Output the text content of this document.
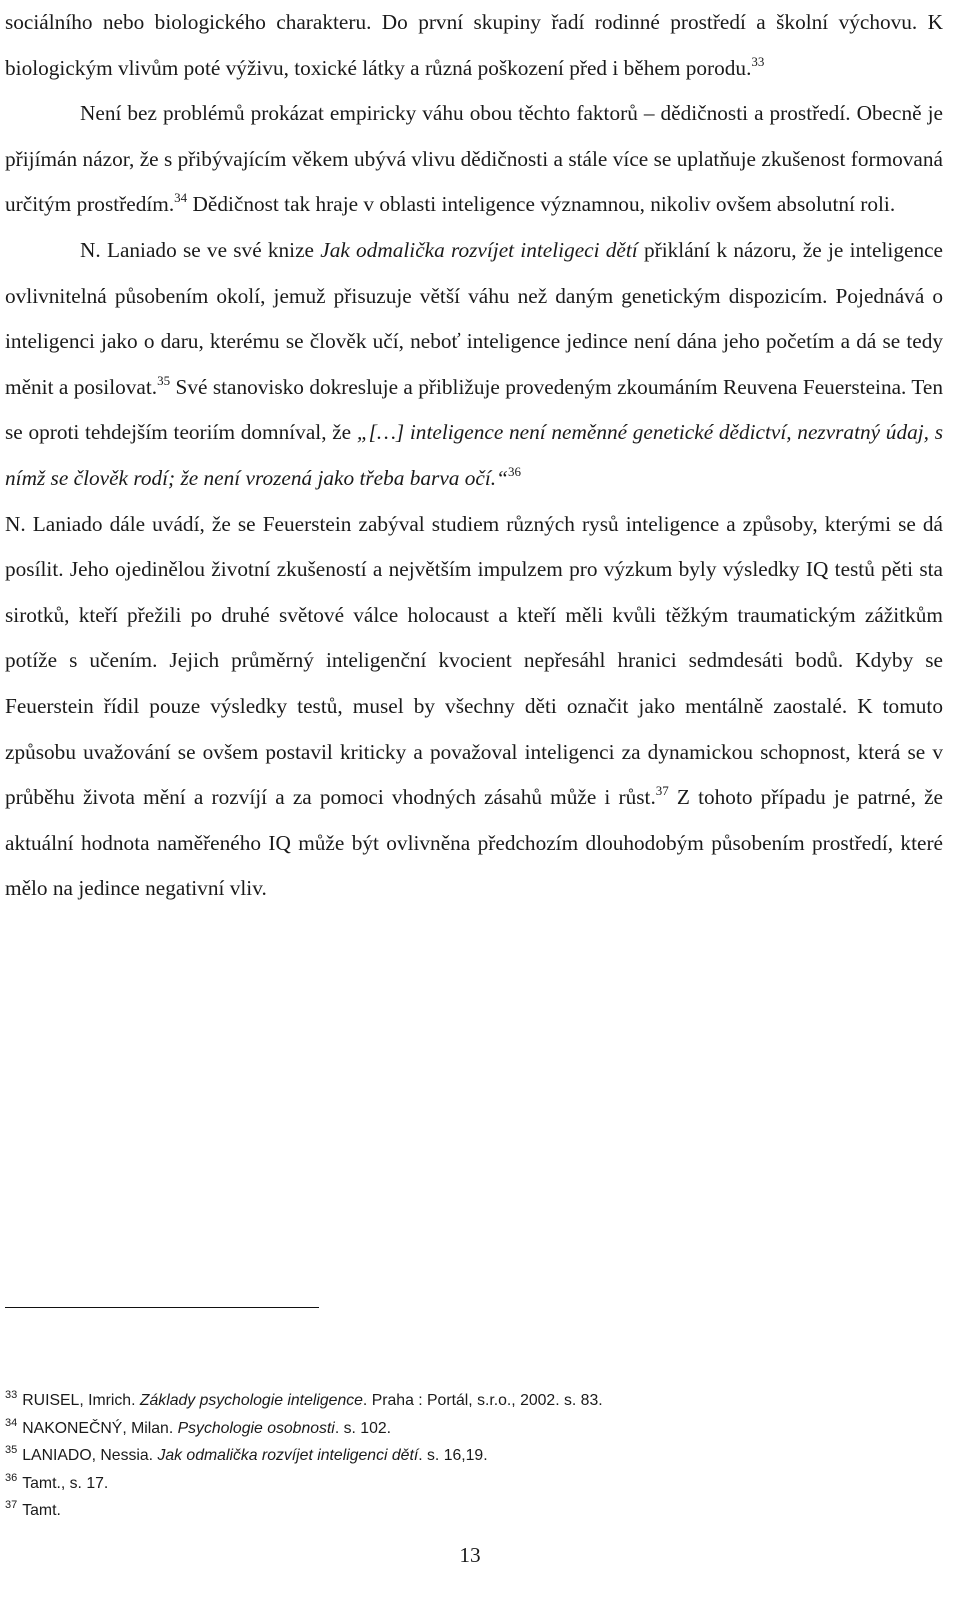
sociálního nebo biologického charakteru. Do první skupiny řadí rodinné prostředí a školní výchovu. K biologickým vlivům poté výživu, toxické látky a různá poškození před i během porodu.$^{33}$

Není bez problémů prokázat empiricky váhu obou těchto faktorů – dědičnosti a prostředí. Obecně je přijímán názor, že s přibývajícím věkem ubývá vlivu dědičnosti a stále více se uplatňuje zkušenost formovaná určitým prostředím.$^{34}$ Dědičnost tak hraje v oblasti inteligence významnou, nikoliv ovšem absolutní roli.

N. Laniado se ve své knize Jak odmalička rozvíjet inteligeci dětí přiklání k názoru, že je inteligence ovlivnitelná působením okolí, jemuž přisuzuje větší váhu než daným genetickým dispozicím. Pojednává o inteligenci jako o daru, kterému se člověk učí, neboť inteligence jedince není dána jeho početím a dá se tedy měnit a posilovat.$^{35}$ Své stanovisko dokresluje a přibližuje provedeným zkoumáním Reuvena Feuersteina. Ten se oproti tehdejším teoriím domníval, že „[…] inteligence není neměnné genetické dědictví, nezvratný údaj, s nímž se člověk rodí; že není vrozená jako třeba barva očí.“$^{36}$

N. Laniado dále uvádí, že se Feuerstein zabýval studiem různých rysů inteligence a způsoby, kterými se dá posílit. Jeho ojedinělou životní zkušeností a největším impulzem pro výzkum byly výsledky IQ testů pěti sta sirotků, kteří přežili po druhé světové válce holocaust a kteří měli kvůli těžkým traumatickým zážitkům potíže s učením. Jejich průměrný inteligenční kvocient nepřesáhl hranici sedmdesáti bodů. Kdyby se Feuerstein řídil pouze výsledky testů, musel by všechny děti označit jako mentálně zaostalé. K tomuto způsobu uvažování se ovšem postavil kriticky a považoval inteligenci za dynamickou schopnost, která se v průběhu života mění a rozvíjí a za pomoci vhodných zásahů může i růst.$^{37}$ Z tohoto případu je patrné, že aktuální hodnota naměřeného IQ může být ovlivněna předchozím dlouhodobým působením prostředí, které mělo na jedince negativní vliv.

$^{33}$ RUISEL, Imrich. Základy psychologie inteligence. Praha : Portál, s.r.o., 2002. s. 83.
$^{34}$ NAKONEČNÝ, Milan. Psychologie osobnosti. s. 102.
$^{35}$ LANIADO, Nessia. Jak odmalička rozvíjet inteligenci dětí. s. 16,19.
$^{36}$ Tamt., s. 17.
$^{37}$ Tamt.
13
